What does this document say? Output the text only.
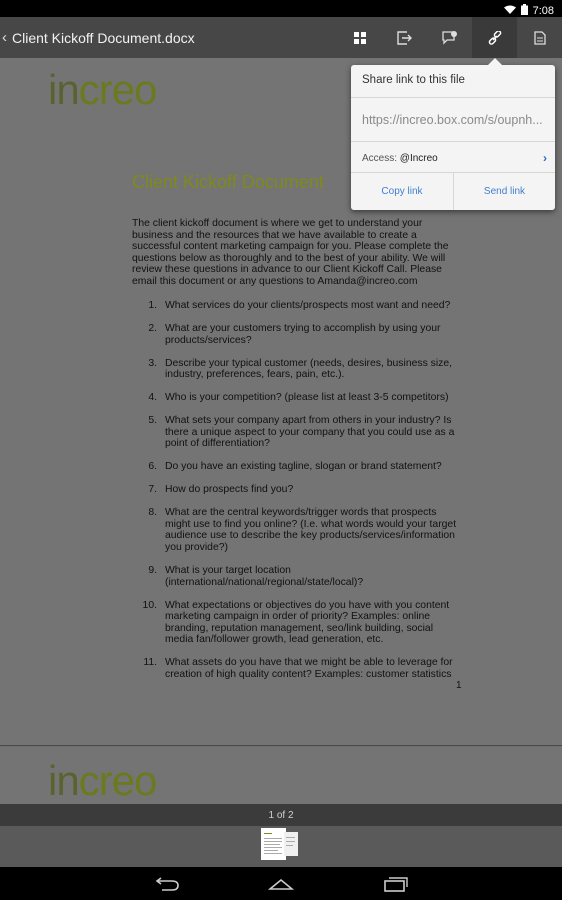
7:08
‹ Client Kickoff Document.docx
increo
Client Kickoff Document
The client kickoff document is where we get to understand your business and the resources that we have available to create a successful content marketing campaign for you. Please complete the questions below as thoroughly and to the best of your ability. We will review these questions in advance to our Client Kickoff Call. Please email this document or any questions to Amanda@increo.com
1. What services do your clients/prospects most want and need?
2. What are your customers trying to accomplish by using your products/services?
3. Describe your typical customer (needs, desires, business size, industry, preferences, fears, pain, etc.).
4. Who is your competition? (please list at least 3-5 competitors)
5. What sets your company apart from others in your industry? Is there a unique aspect to your company that you could use as a point of differentiation?
6. Do you have an existing tagline, slogan or brand statement?
7. How do prospects find you?
8. What are the central keywords/trigger words that prospects might use to find you online? (I.e. what words would your target audience use to describe the key products/services/information you provide?)
9. What is your target location (international/national/regional/state/local)?
10. What expectations or objectives do you have with you content marketing campaign in order of priority? Examples: online branding, reputation management, seo/link building, social media fan/follower growth, lead generation, etc.
11. What assets do you have that we might be able to leverage for creation of high quality content? Examples: customer statistics
1
increo
Share link to this file
https://increo.box.com/s/oupnh...
Access: @Increo	›
Copy link	Send link
1 of 2
